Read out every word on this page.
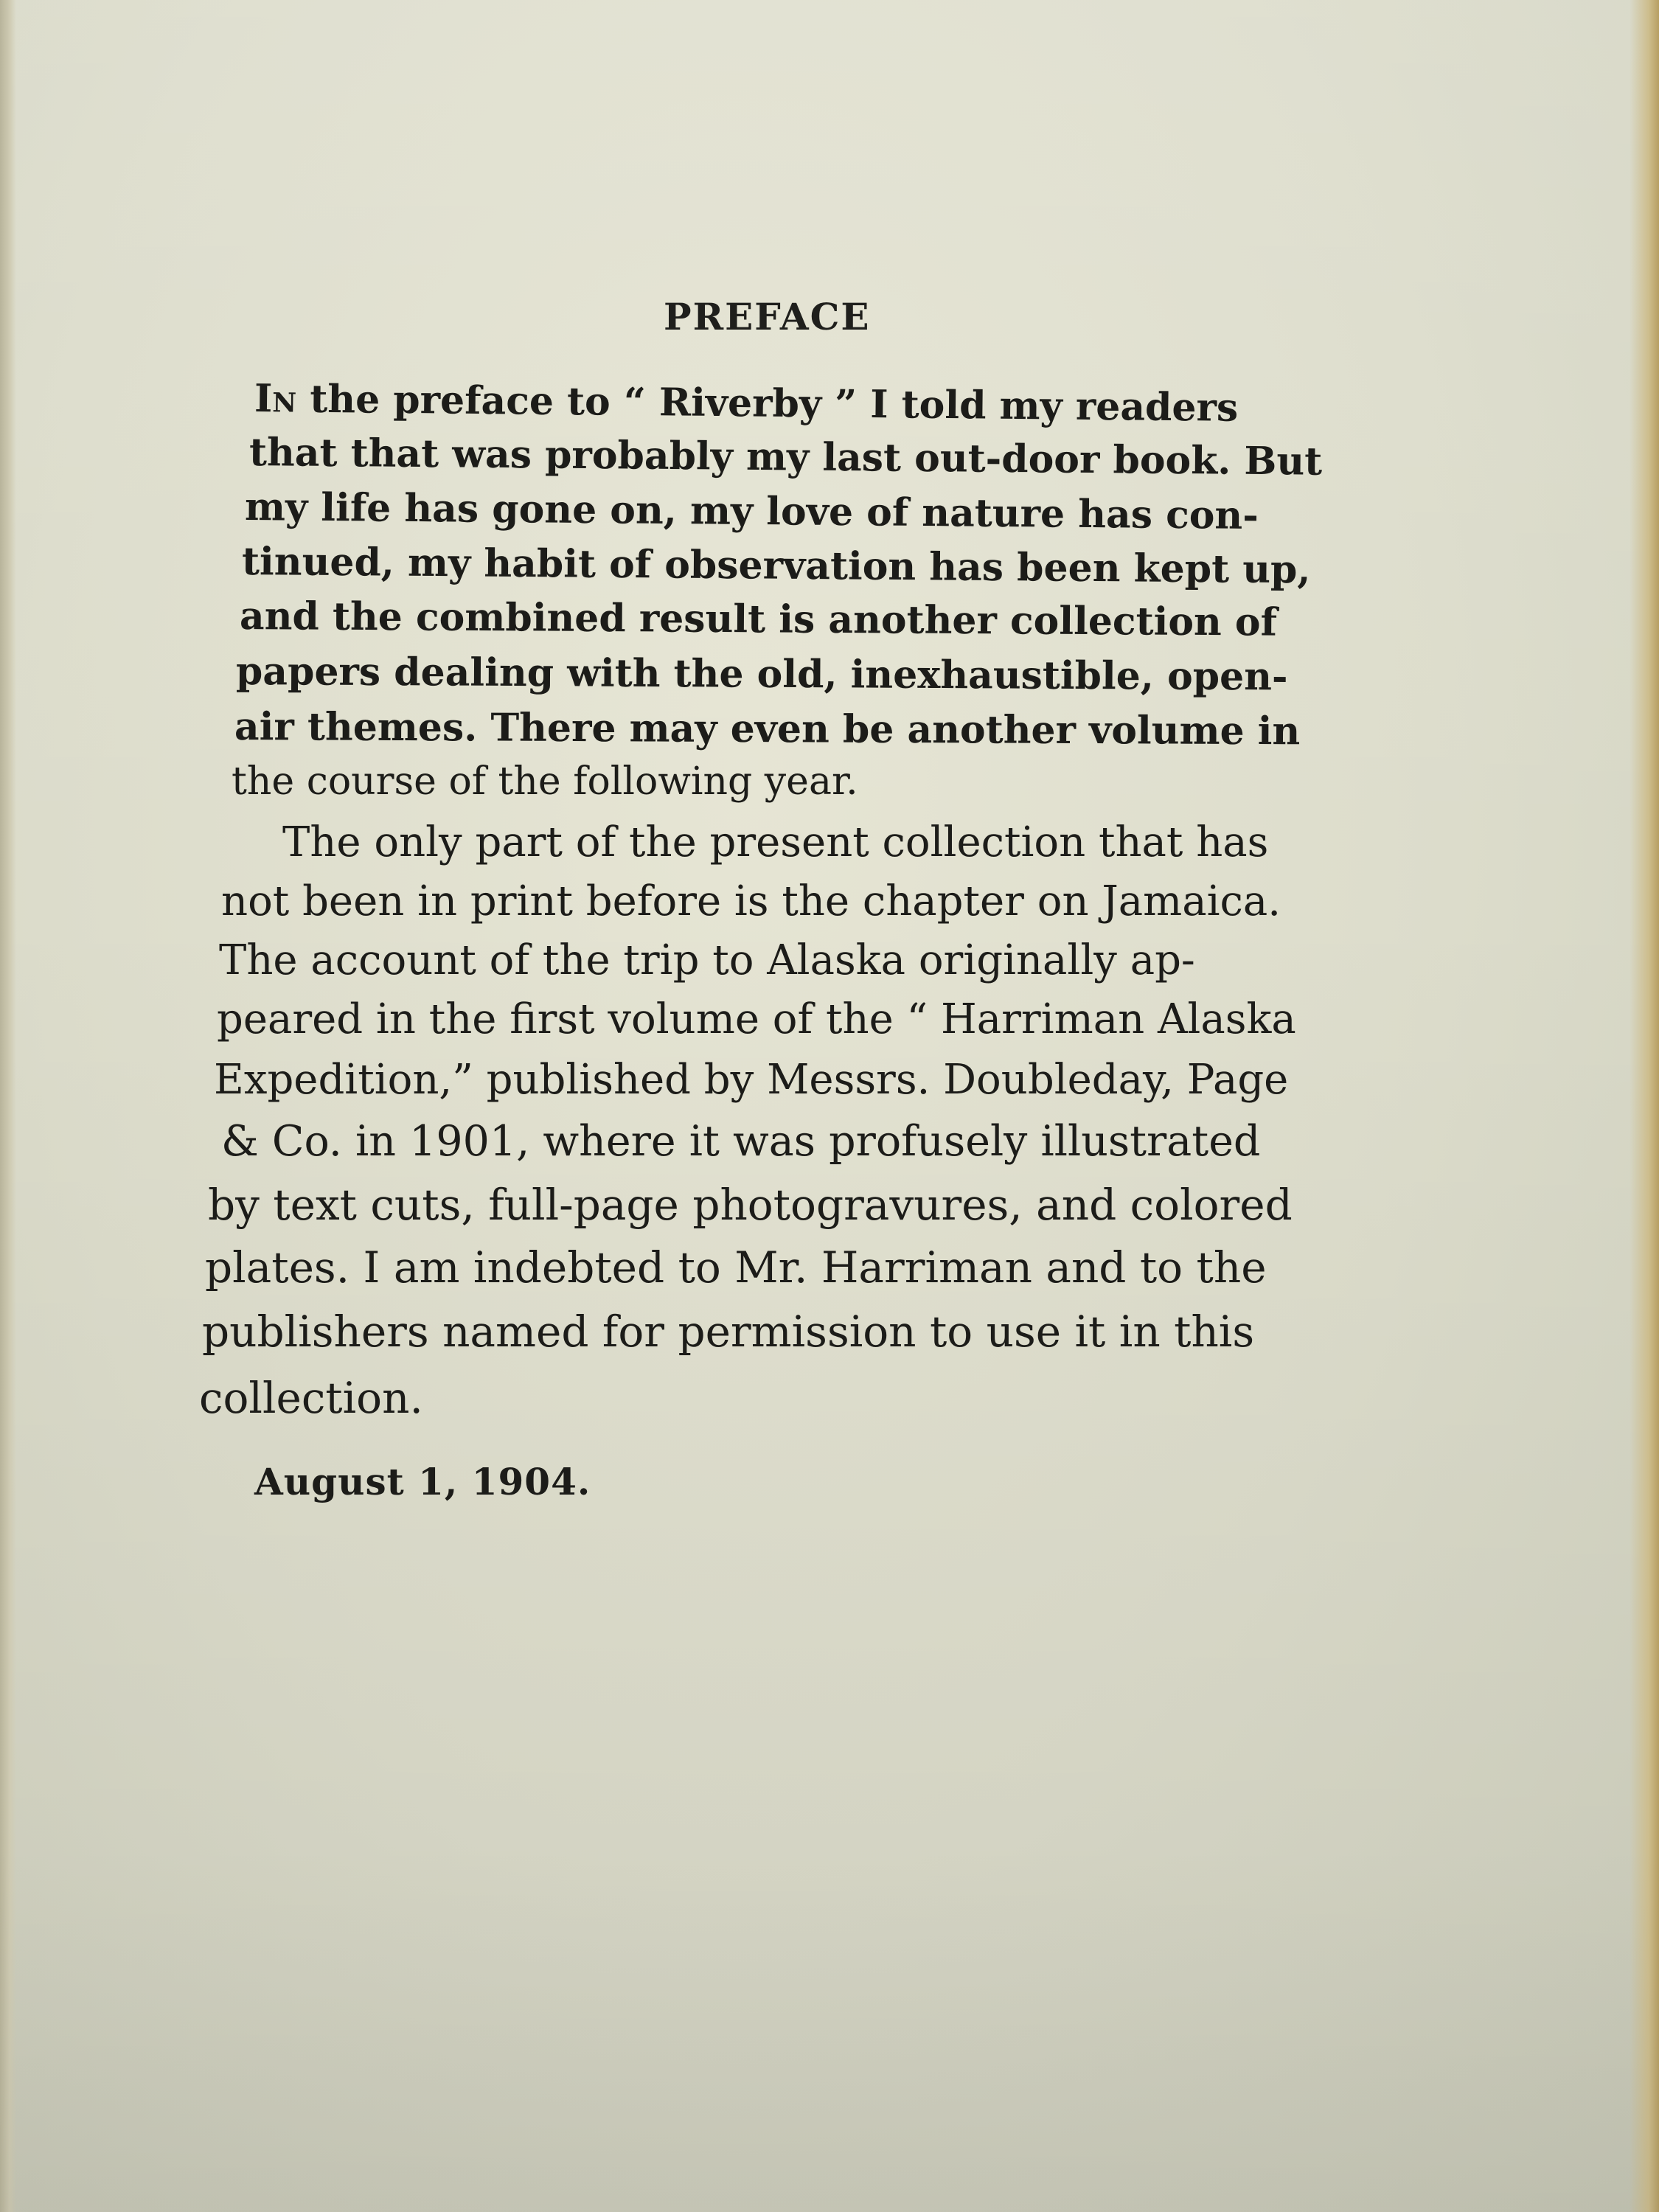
PREFACE
In the preface to “ Riverby ” I told my readers
that that was probably my last out-door book. But
my life has gone on, my love of nature has con-
tinued, my habit of observation has been kept up,
and the combined result is another collection of
papers dealing with the old, inexhaustible, open-
air themes. There may even be another volume in
the course of the following year.
The only part of the present collection that has
not been in print before is the chapter on Jamaica.
The account of the trip to Alaska originally ap-
peared in the first volume of the “ Harriman Alaska
Expedition,” published by Messrs. Doubleday, Page
& Co. in 1901, where it was profusely illustrated
by text cuts, full-page photogravures, and colored
plates. I am indebted to Mr. Harriman and to the
publishers named for permission to use it in this
collection.
August 1, 1904.
